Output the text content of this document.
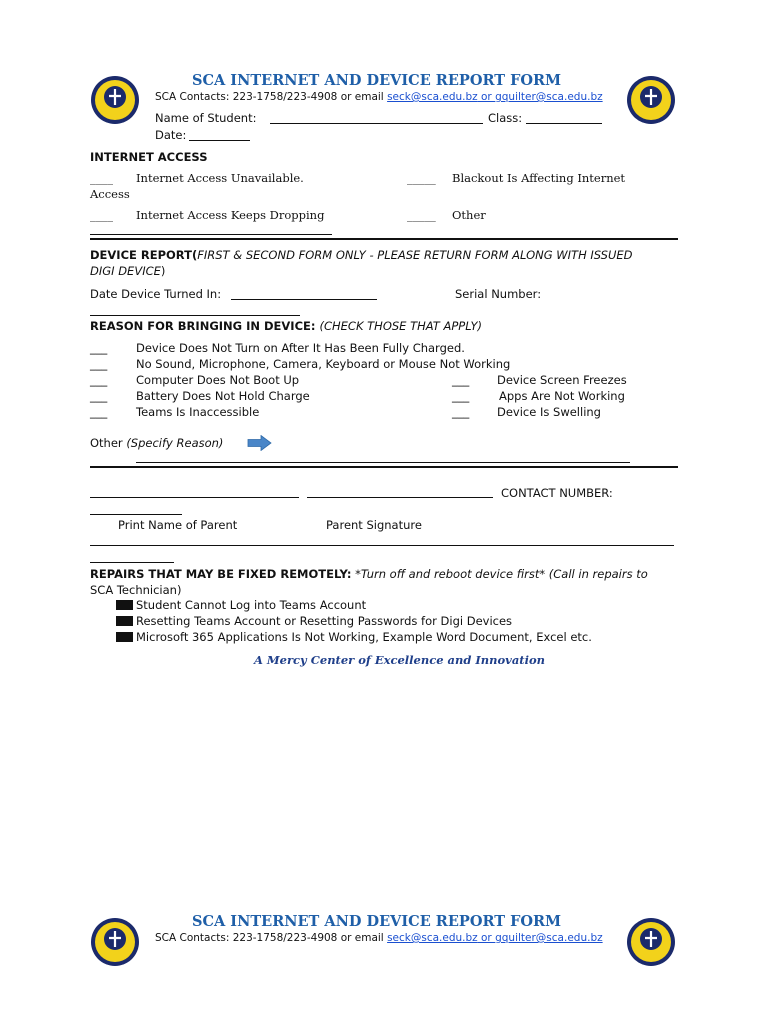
SCA INTERNET AND DEVICE REPORT FORM
SCA Contacts: 223-1758/223-4908 or email seck@sca.edu.bz or gquilter@sca.edu.bz
Name of Student:	Class:
Date:
INTERNET ACCESS
____ Internet Access Unavailable.	_____ Blackout Is Affecting Internet
Access
____ Internet Access Keeps Dropping	_____ Other
DEVICE REPORT(FIRST & SECOND FORM ONLY - PLEASE RETURN FORM ALONG WITH ISSUED
DIGI DEVICE)
Date Device Turned In:	Serial Number:
REASON FOR BRINGING IN DEVICE: (CHECK THOSE THAT APPLY)
___	Device Does Not Turn on After It Has Been Fully Charged.
___	No Sound, Microphone, Camera, Keyboard or Mouse Not Working
___	Computer Does Not Boot Up	___ Device Screen Freezes
___	Battery Does Not Hold Charge	___	Apps Are Not Working
___	Teams Is Inaccessible	___ Device Is Swelling
Other (Specify Reason)
CONTACT NUMBER:
Print Name of Parent	Parent Signature
REPAIRS THAT MAY BE FIXED REMOTELY: *Turn off and reboot device first* (Call in repairs to
SCA Technician)
Student Cannot Log into Teams Account
Resetting Teams Account or Resetting Passwords for Digi Devices
Microsoft 365 Applications Is Not Working, Example Word Document, Excel etc.
A Mercy Center of Excellence and Innovation
SCA INTERNET AND DEVICE REPORT FORM
SCA Contacts: 223-1758/223-4908 or email seck@sca.edu.bz or gquilter@sca.edu.bz
